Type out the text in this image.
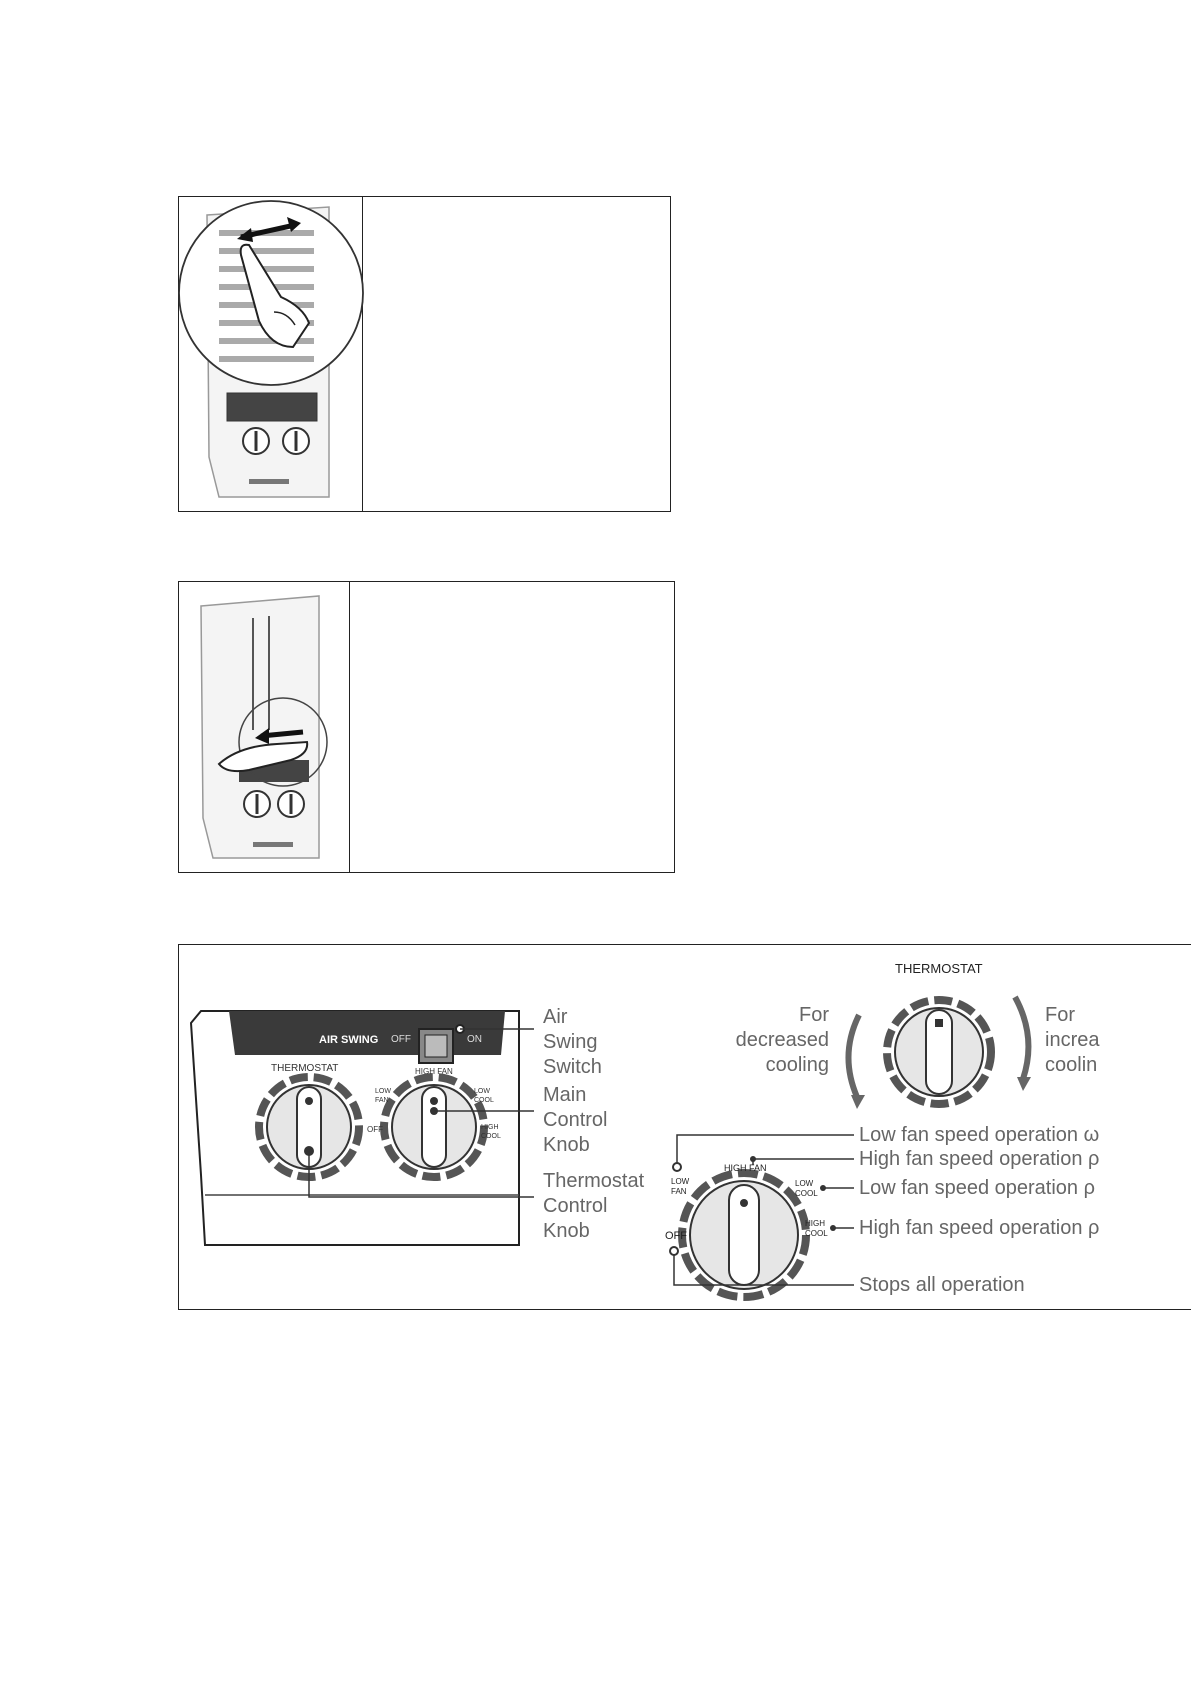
AIR SWING OFF	ON
THERMOSTAT	HIGH FAN
LOW FAN
LOW COOL
HIGH COOL
OFF
Air
Swing
Switch
Main
Control
Knob
Thermostat
Control
Knob
THERMOSTAT
For
decreased
cooling
For
increa
coolin
HIGH FAN
LOW FAN
LOW COOL
HIGH COOL
OFF
Low fan speed operation ω
High fan speed operation ρ
Low fan speed operation ρ
High fan speed operation ρ
Stops all operation
